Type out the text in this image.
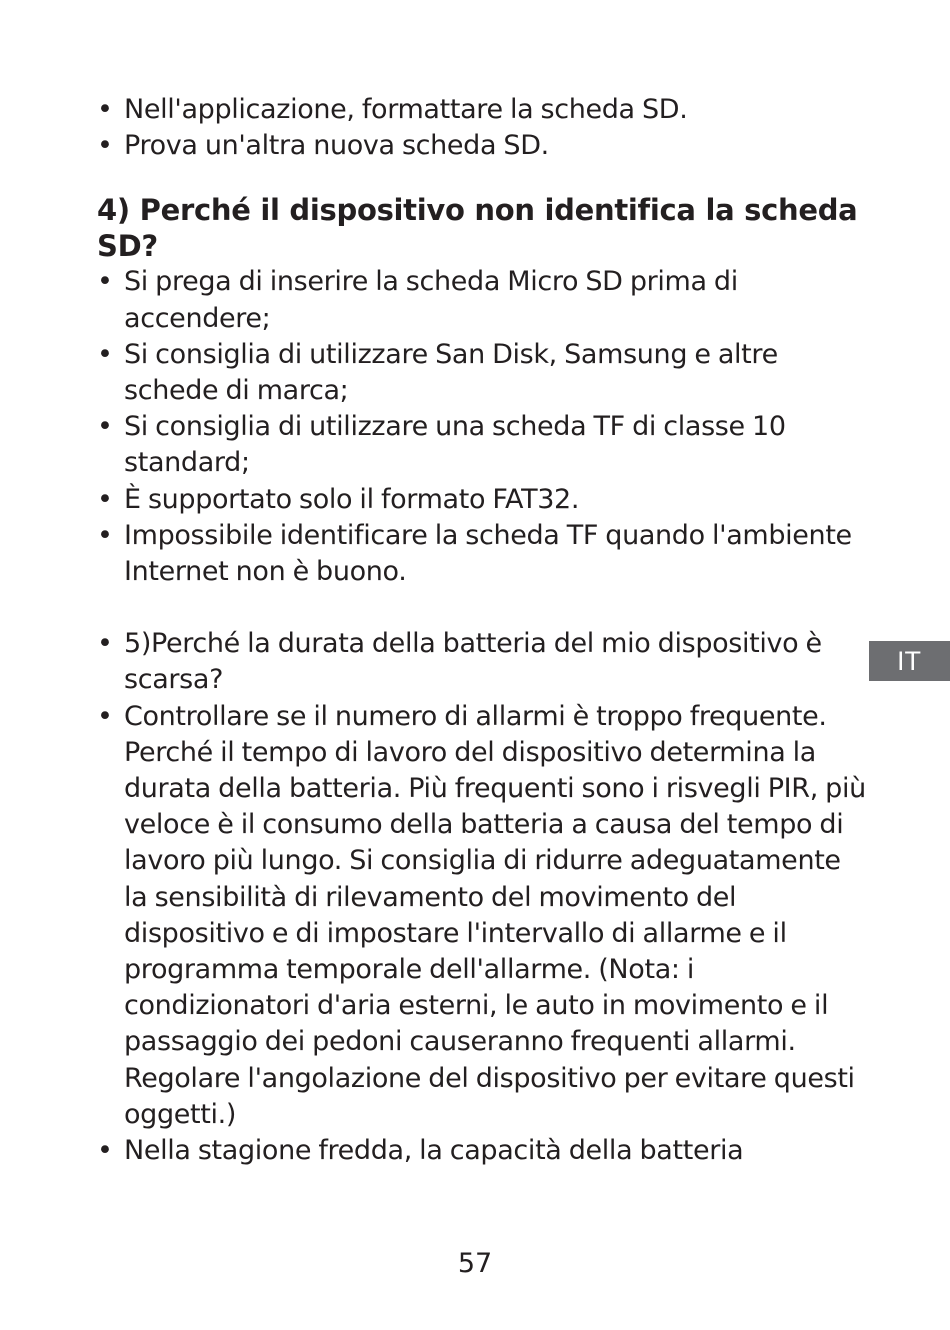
• Nell'applicazione, formattare la scheda SD.
• Prova un'altra nuova scheda SD.
4) Perché il dispositivo non identifica la scheda SD?
• Si prega di inserire la scheda Micro SD prima di accendere;
• Si consiglia di utilizzare San Disk, Samsung e altre schede di marca;
• Si consiglia di utilizzare una scheda TF di classe 10 standard;
• È supportato solo il formato FAT32.
• Impossibile identificare la scheda TF quando l'ambiente Internet non è buono.
• 5)Perché la durata della batteria del mio dispositivo è scarsa?
• Controllare se il numero di allarmi è troppo frequente. Perché il tempo di lavoro del dispositivo determina la durata della batteria. Più frequenti sono i risvegli PIR, più veloce è il consumo della batteria a causa del tempo di lavoro più lungo. Si consiglia di ridurre adeguatamente la sensibilità di rilevamento del movimento del dispositivo e di impostare l'intervallo di allarme e il programma temporale dell'allarme. (Nota: i condizionatori d'aria esterni, le auto in movimento e il passaggio dei pedoni causeranno frequenti allarmi. Regolare l'angolazione del dispositivo per evitare questi oggetti.)
• Nella stagione fredda, la capacità della batteria
IT
57
